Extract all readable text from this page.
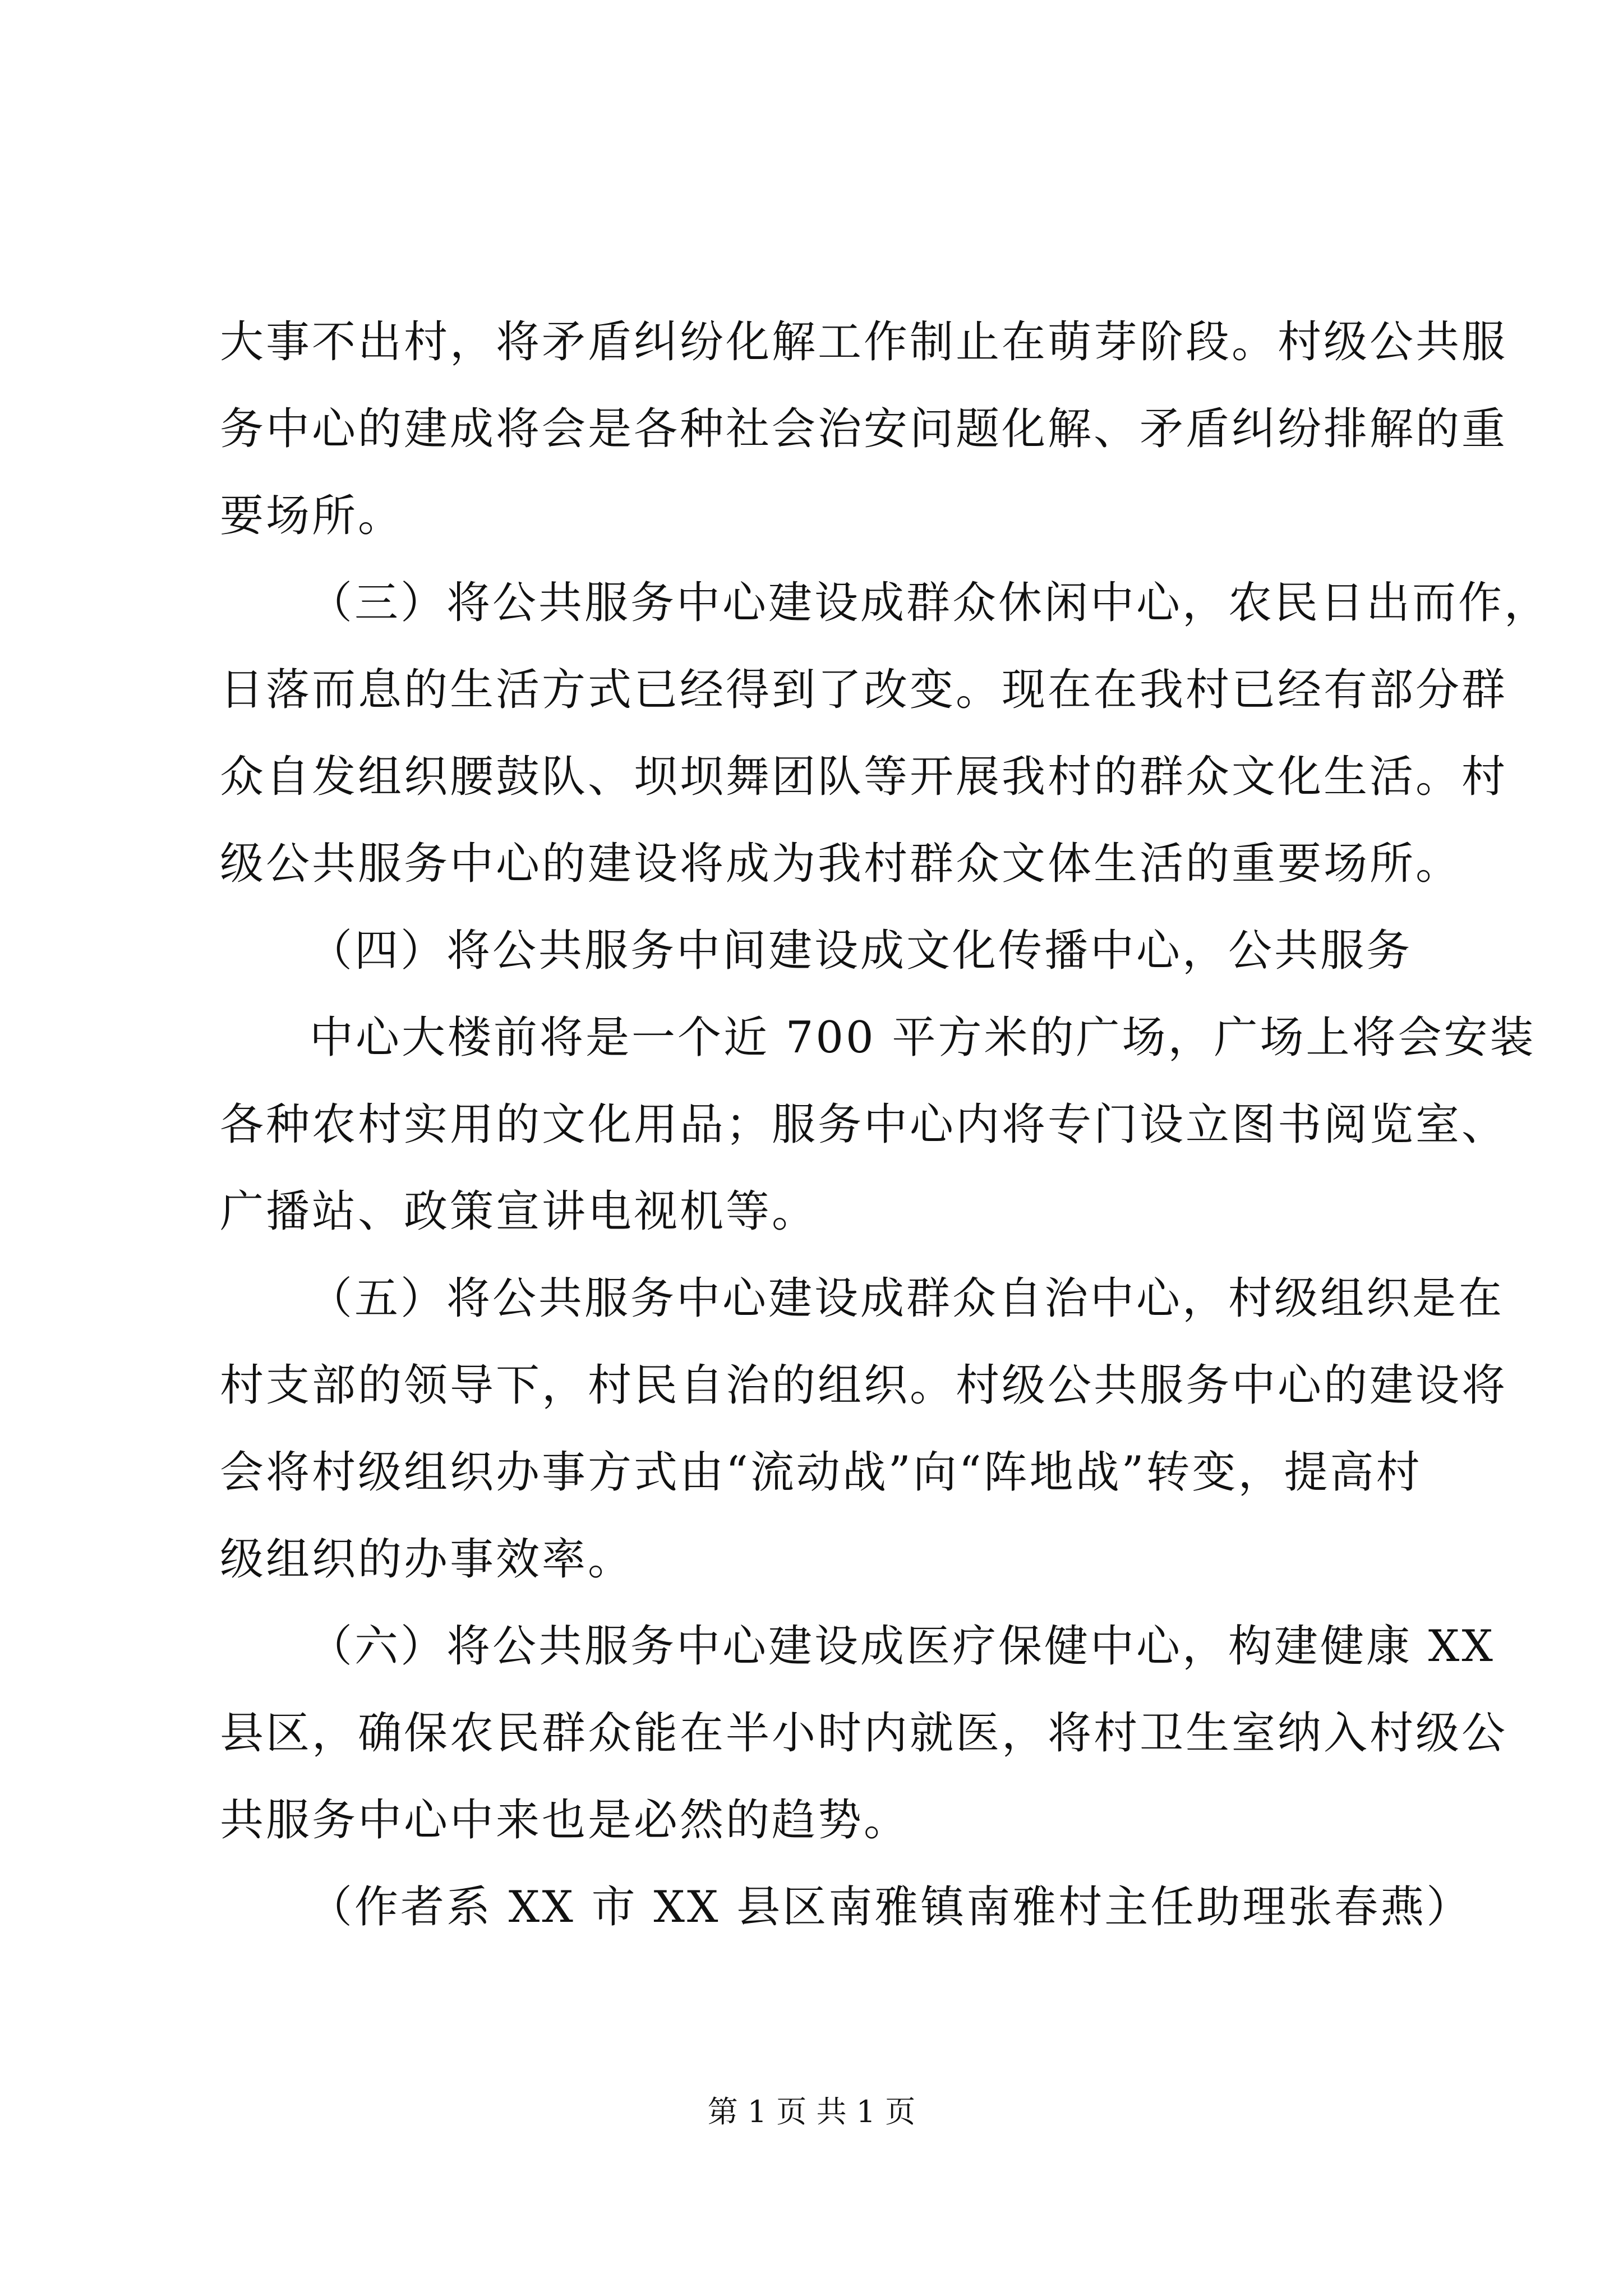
大事不出村，将矛盾纠纷化解工作制止在萌芽阶段。村级公共服
务中心的建成将会是各种社会治安问题化解、矛盾纠纷排解的重
要场所。
（三）将公共服务中心建设成群众休闲中心，农民日出而作，
日落而息的生活方式已经得到了改变。现在在我村已经有部分群
众自发组织腰鼓队、坝坝舞团队等开展我村的群众文化生活。村
级公共服务中心的建设将成为我村群众文体生活的重要场所。
（四）将公共服务中间建设成文化传播中心，公共服务
中心大楼前将是一个近 700 平方米的广场，广场上将会安装
各种农村实用的文化用品；服务中心内将专门设立图书阅览室、
广播站、政策宣讲电视机等。
（五）将公共服务中心建设成群众自治中心，村级组织是在
村支部的领导下，村民自治的组织。村级公共服务中心的建设将
会将村级组织办事方式由“流动战”向“阵地战”转变，提高村
级组织的办事效率。
（六）将公共服务中心建设成医疗保健中心，构建健康 XX
县区，确保农民群众能在半小时内就医，将村卫生室纳入村级公
共服务中心中来也是必然的趋势。
（作者系 XX 市 XX 县区南雅镇南雅村主任助理张春燕）
第 1 页 共 1 页
